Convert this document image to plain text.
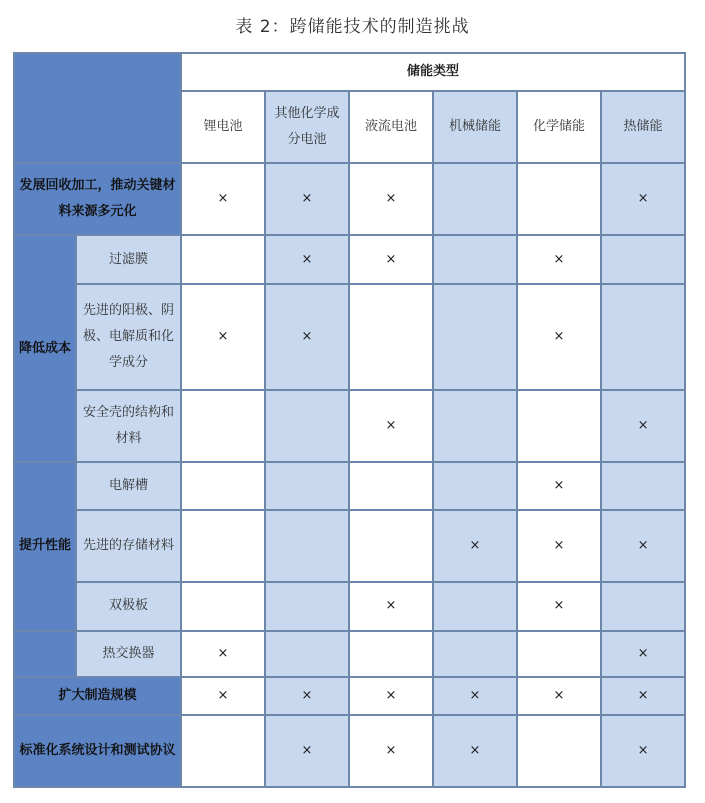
表 2：跨储能技术的制造挑战
		储能类型					
		锂电池	其他化学成分电池	液流电池	机械储能	化学储能	热储能
发展回收加工，推动关键材料来源多元化		×	×	×			×
降低成本	过滤膜		×	×		×	
	先进的阳极、阴极、电解质和化学成分	×	×			×	
	安全壳的结构和材料			×			×
提升性能	电解槽					×	
	先进的存储材料				×	×	×
	双极板			×		×	
	热交换器	×					×
扩大制造规模		×	×	×	×	×	×
标准化系统设计和测试协议			×	×	×		×
